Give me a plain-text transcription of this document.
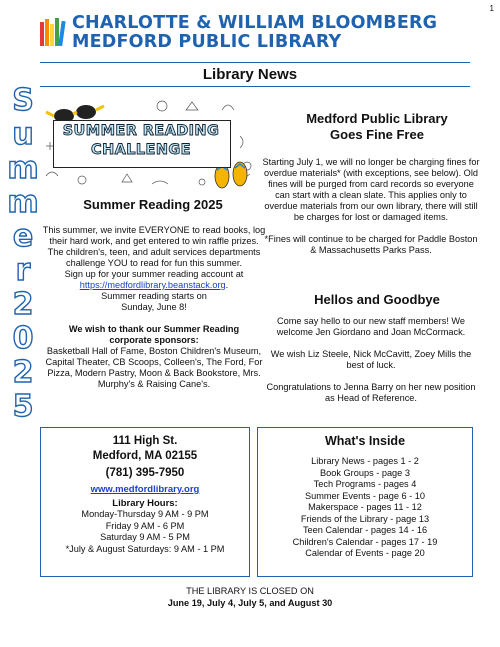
1
CHARLOTTE & WILLIAM BLOOMBERG
MEDFORD PUBLIC LIBRARY
Library News
S
u
m
m
e
r
2
0
2
5
SUMMER READING
CHALLENGE
Summer Reading 2025
This summer, we invite EVERYONE to read books, log their hard work, and get entered to win raffle prizes. The children's, teen, and adult services departments challenge YOU to read for fun this summer.
Sign up for your summer reading account at
https://medfordlibrary.beanstack.org.
Summer reading starts on
Sunday, June 8!
We wish to thank our Summer Reading
corporate sponsors:
Basketball Hall of Fame, Boston Children's Museum, Capital Theater, CB Scoops, Colleen's, The Ford, For Pizza, Modern Pastry, Moon & Back Bookstore, Mrs. Murphy's & Raising Cane's.
Medford Public Library
Goes Fine Free
Starting July 1, we will no longer be charging fines for overdue materials* (with exceptions, see below). Old fines will be purged from card records so everyone can start with a clean slate. This applies only to overdue materials from our own library, there will still be charges for lost or damaged items.
*Fines will continue to be charged for Paddle Boston & Massachusetts Parks Pass.
Hellos and Goodbye
Come say hello to our new staff members! We welcome Jen Giordano and Joan McCormack.
We wish Liz Steele, Nick McCavitt, Zoey Mills the best of luck.
Congratulations to Jenna Barry on her new position as Head of Reference.
111 High St.
Medford, MA 02155
(781) 395-7950
www.medfordlibrary.org
Library Hours:
Monday-Thursday 9 AM - 9 PM
Friday 9 AM - 6 PM
Saturday 9 AM - 5 PM
*July & August Saturdays: 9 AM - 1 PM
What's Inside
Library News - pages 1 - 2
Book Groups - page 3
Tech Programs - pages 4
Summer Events - page 6 - 10
Makerspace - pages 11 - 12
Friends of the Library - page 13
Teen Calendar - pages 14 - 16
Children's Calendar - pages 17 - 19
Calendar of Events - page 20
THE LIBRARY IS CLOSED ON
June 19, July 4, July 5, and August 30
